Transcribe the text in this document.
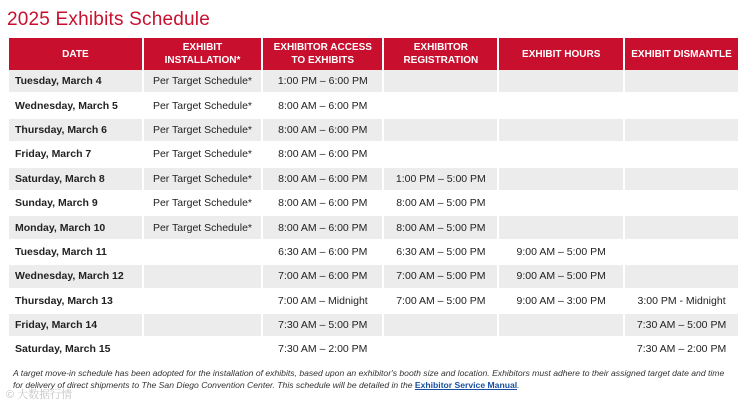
2025 Exhibits Schedule
DATE	EXHIBIT INSTALLATION*	EXHIBITOR ACCESS TO EXHIBITS	EXHIBITOR REGISTRATION	EXHIBIT HOURS	EXHIBIT DISMANTLE
Tuesday, March 4	Per Target Schedule*	1:00 PM – 6:00 PM			
Wednesday, March 5	Per Target Schedule*	8:00 AM – 6:00 PM			
Thursday, March 6	Per Target Schedule*	8:00 AM – 6:00 PM			
Friday, March 7	Per Target Schedule*	8:00 AM – 6:00 PM			
Saturday, March 8	Per Target Schedule*	8:00 AM – 6:00 PM	1:00 PM – 5:00 PM		
Sunday, March 9	Per Target Schedule*	8:00 AM – 6:00 PM	8:00 AM – 5:00 PM		
Monday, March 10	Per Target Schedule*	8:00 AM – 6:00 PM	8:00 AM – 5:00 PM		
Tuesday, March 11		6:30 AM – 6:00 PM	6:30 AM – 5:00 PM	9:00 AM – 5:00 PM	
Wednesday, March 12		7:00 AM – 6:00 PM	7:00 AM – 5:00 PM	9:00 AM – 5:00 PM	
Thursday, March 13		7:00 AM – Midnight	7:00 AM – 5:00 PM	9:00 AM – 3:00 PM	3:00 PM - Midnight
Friday, March 14		7:30 AM – 5:00 PM			7:30 AM – 5:00 PM
Saturday, March 15		7:30 AM – 2:00 PM			7:30 AM – 2:00 PM
A target move-in schedule has been adopted for the installation of exhibits, based upon an exhibitor's booth size and location. Exhibitors must adhere to their assigned target date and time for delivery of direct shipments to The San Diego Convention Center. This schedule will be detailed in the Exhibitor Service Manual.
© 大数据行情
